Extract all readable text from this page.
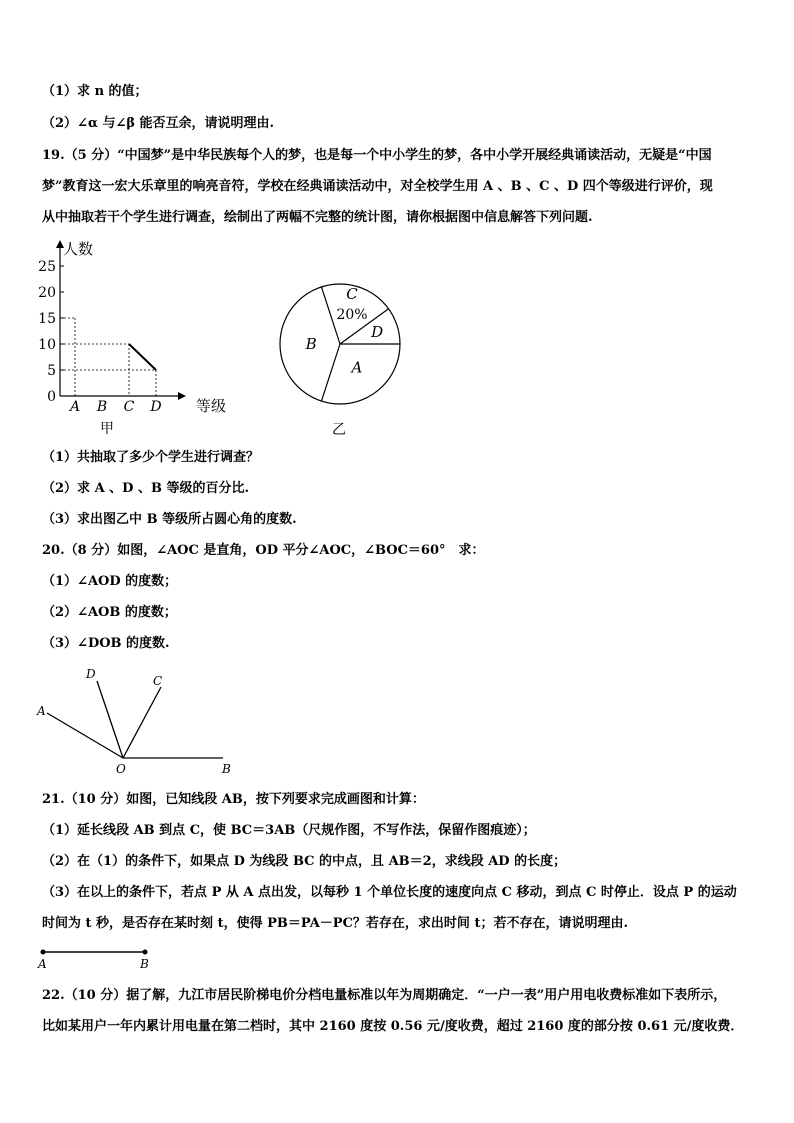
（1）求 n 的值；
（2）∠α 与∠β 能否互余，请说明理由.
19.（5 分）“中国梦”是中华民族每个人的梦，也是每一个中小学生的梦，各中小学开展经典诵读活动，无疑是“中国
梦”教育这一宏大乐章里的响亮音符，学校在经典诵读活动中，对全校学生用 A 、B 、C 、D 四个等级进行评价，现
从中抽取若干个学生进行调查，绘制出了两幅不完整的统计图，请你根据图中信息解答下列问题.
0
5
10
15
20
25
人数
A B C D 等级
甲
C
20%
D
A
B
乙
（1）共抽取了多少个学生进行调查？
（2）求 A 、D 、B 等级的百分比.
（3）求出图乙中 B 等级所占圆心角的度数.
20.（8 分）如图，∠AOC 是直角，OD 平分∠AOC，∠BOC＝60°　求：
（1）∠AOD 的度数；
（2）∠AOB 的度数；
（3）∠DOB 的度数.
A
D	C
O	B
21.（10 分）如图，已知线段 AB，按下列要求完成画图和计算：
（1）延长线段 AB 到点 C，使 BC＝3AB（尺规作图，不写作法，保留作图痕迹）；
（2）在（1）的条件下，如果点 D 为线段 BC 的中点，且 AB＝2，求线段 AD 的长度；
（3）在以上的条件下，若点 P 从 A 点出发，以每秒 1 个单位长度的速度向点 C 移动，到点 C 时停止．设点 P 的运动
时间为 t 秒，是否存在某时刻 t，使得 PB＝PA－PC？若存在，求出时间 t；若不存在，请说明理由.
A	B
22.（10 分）据了解，九江市居民阶梯电价分档电量标准以年为周期确定．“一户一表”用户用电收费标准如下表所示，
比如某用户一年内累计用电量在第二档时，其中 2160 度按 0.56 元/度收费，超过 2160 度的部分按 0.61 元/度收费．
